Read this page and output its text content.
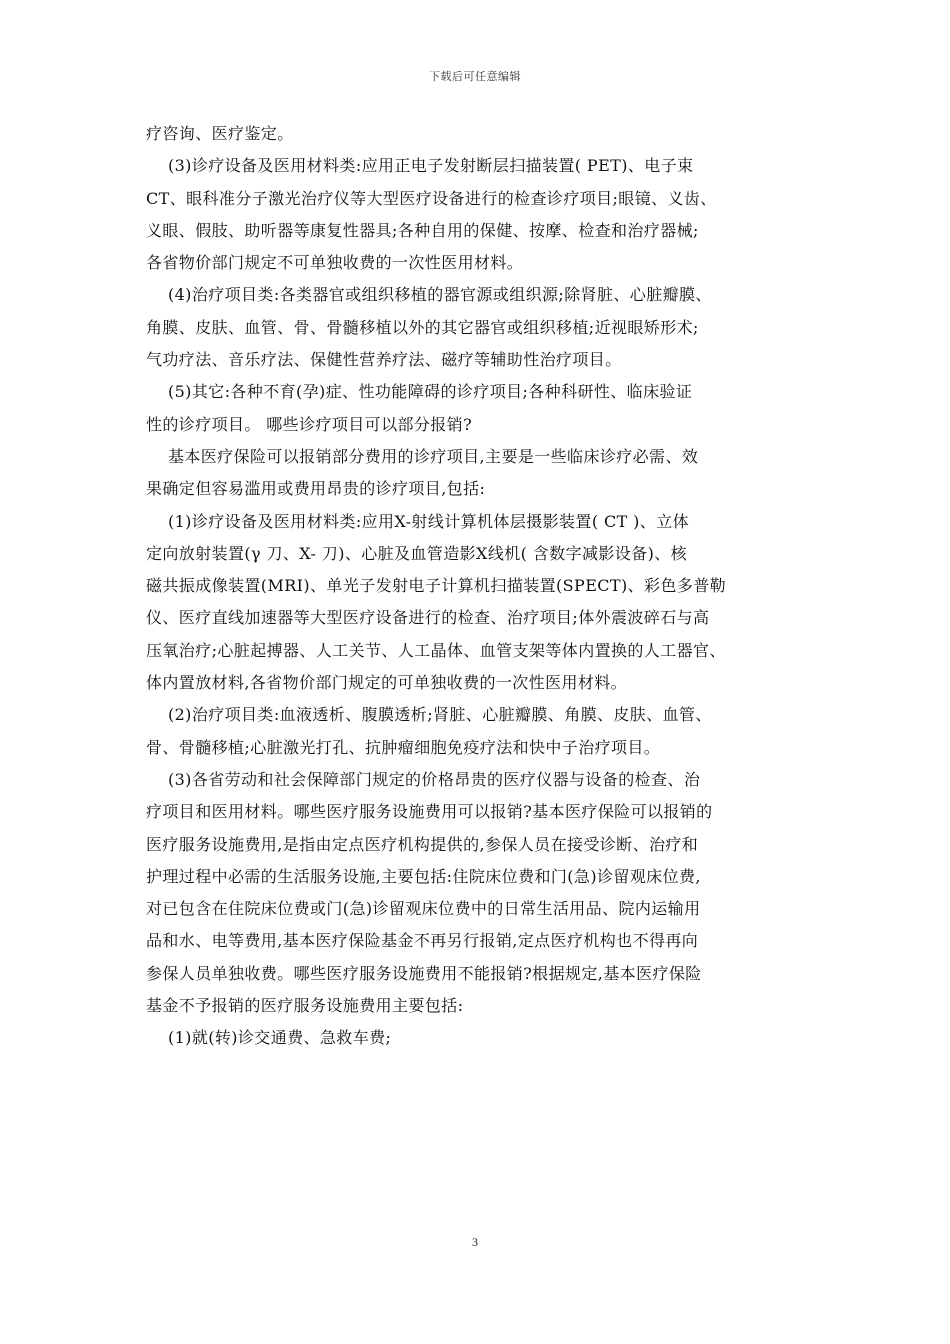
下载后可任意编辑

疗咨询、医疗鉴定。

(3)诊疗设备及医用材料类:应用正电子发射断层扫描装置( PET)、电子束

CT、眼科准分子激光治疗仪等大型医疗设备进行的检查诊疗项目;眼镜、义齿、

义眼、假肢、助听器等康复性器具;各种自用的保健、按摩、检查和治疗器械;

各省物价部门规定不可单独收费的一次性医用材料。

(4)治疗项目类:各类器官或组织移植的器官源或组织源;除肾脏、心脏瓣膜、

角膜、皮肤、血管、骨、骨髓移植以外的其它器官或组织移植;近视眼矫形术;

气功疗法、音乐疗法、保健性营养疗法、磁疗等辅助性治疗项目。

(5)其它:各种不育(孕)症、性功能障碍的诊疗项目;各种科研性、临床验证

性的诊疗项目。 哪些诊疗项目可以部分报销?

基本医疗保险可以报销部分费用的诊疗项目,主要是一些临床诊疗必需、效

果确定但容易滥用或费用昂贵的诊疗项目,包括:

(1)诊疗设备及医用材料类:应用X-射线计算机体层摄影装置( CT )、立体

定向放射装置(γ 刀、X- 刀)、心脏及血管造影X线机( 含数字减影设备)、核

磁共振成像装置(MRI)、单光子发射电子计算机扫描装置(SPECT)、彩色多普勒

仪、医疗直线加速器等大型医疗设备进行的检查、治疗项目;体外震波碎石与高

压氧治疗;心脏起搏器、人工关节、人工晶体、血管支架等体内置换的人工器官、

体内置放材料,各省物价部门规定的可单独收费的一次性医用材料。

(2)治疗项目类:血液透析、腹膜透析;肾脏、心脏瓣膜、角膜、皮肤、血管、

骨、骨髓移植;心脏激光打孔、抗肿瘤细胞免疫疗法和快中子治疗项目。

(3)各省劳动和社会保障部门规定的价格昂贵的医疗仪器与设备的检查、治

疗项目和医用材料。哪些医疗服务设施费用可以报销?基本医疗保险可以报销的

医疗服务设施费用,是指由定点医疗机构提供的,参保人员在接受诊断、治疗和

护理过程中必需的生活服务设施,主要包括:住院床位费和门(急)诊留观床位费,

对已包含在住院床位费或门(急)诊留观床位费中的日常生活用品、院内运输用

品和水、电等费用,基本医疗保险基金不再另行报销,定点医疗机构也不得再向

参保人员单独收费。哪些医疗服务设施费用不能报销?根据规定,基本医疗保险

基金不予报销的医疗服务设施费用主要包括:

(1)就(转)诊交通费、急救车费;

3
